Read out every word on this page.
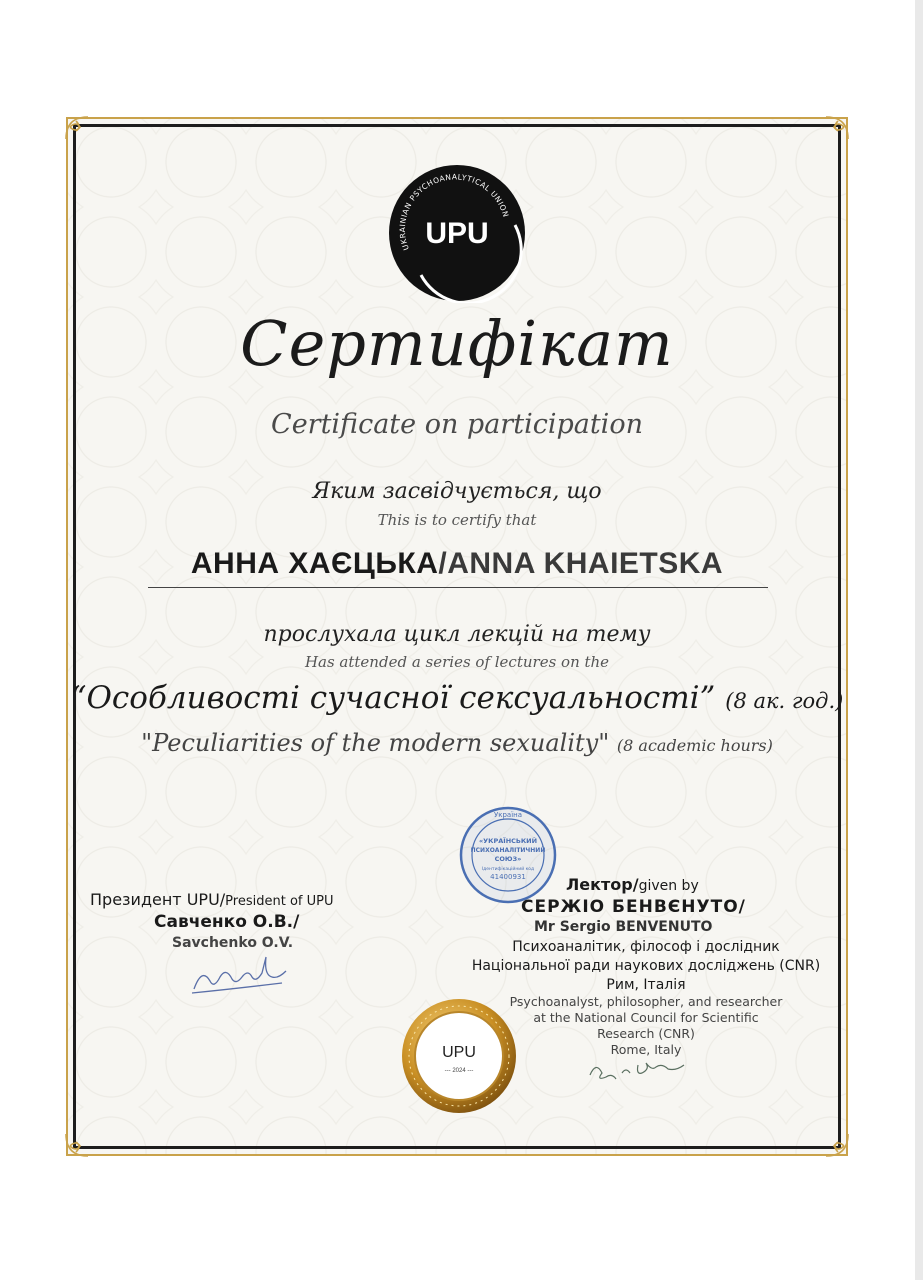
UKRAINIAN PSYCHOANALYTICAL UNION
UPU
Сертифікат
Certificate on participation
Яким засвідчується, що
This is to certify that
АННА ХАЄЦЬКА/ANNA KHAIETSKA
прослухала цикл лекцій на тему
Has attended a series of lectures on the
“Особливості сучасної сексуальності” (8 ак. год.)
"Peculiarities of the modern sexuality" (8 academic hours)
Україна
«УКРАЇНСЬКИЙ
ПСИХОАНАЛІТИЧНИЙ
СОЮЗ»
Ідентифікаційний код
41400931
Президент UPU/President of UPU
Савченко О.В./
Savchenko O.V.
Лектор/given by
СЕРЖІО БЕНВЄНУТО/
Mr Sergio BENVENUTO
Психоаналітик, філософ і дослідник
Національної ради наукових досліджень (CNR)
Рим, Італія
Psychoanalyst, philosopher, and researcher
at the National Council for Scientific
Research (CNR)
Rome, Italy
UPU
--- 2024 ---
